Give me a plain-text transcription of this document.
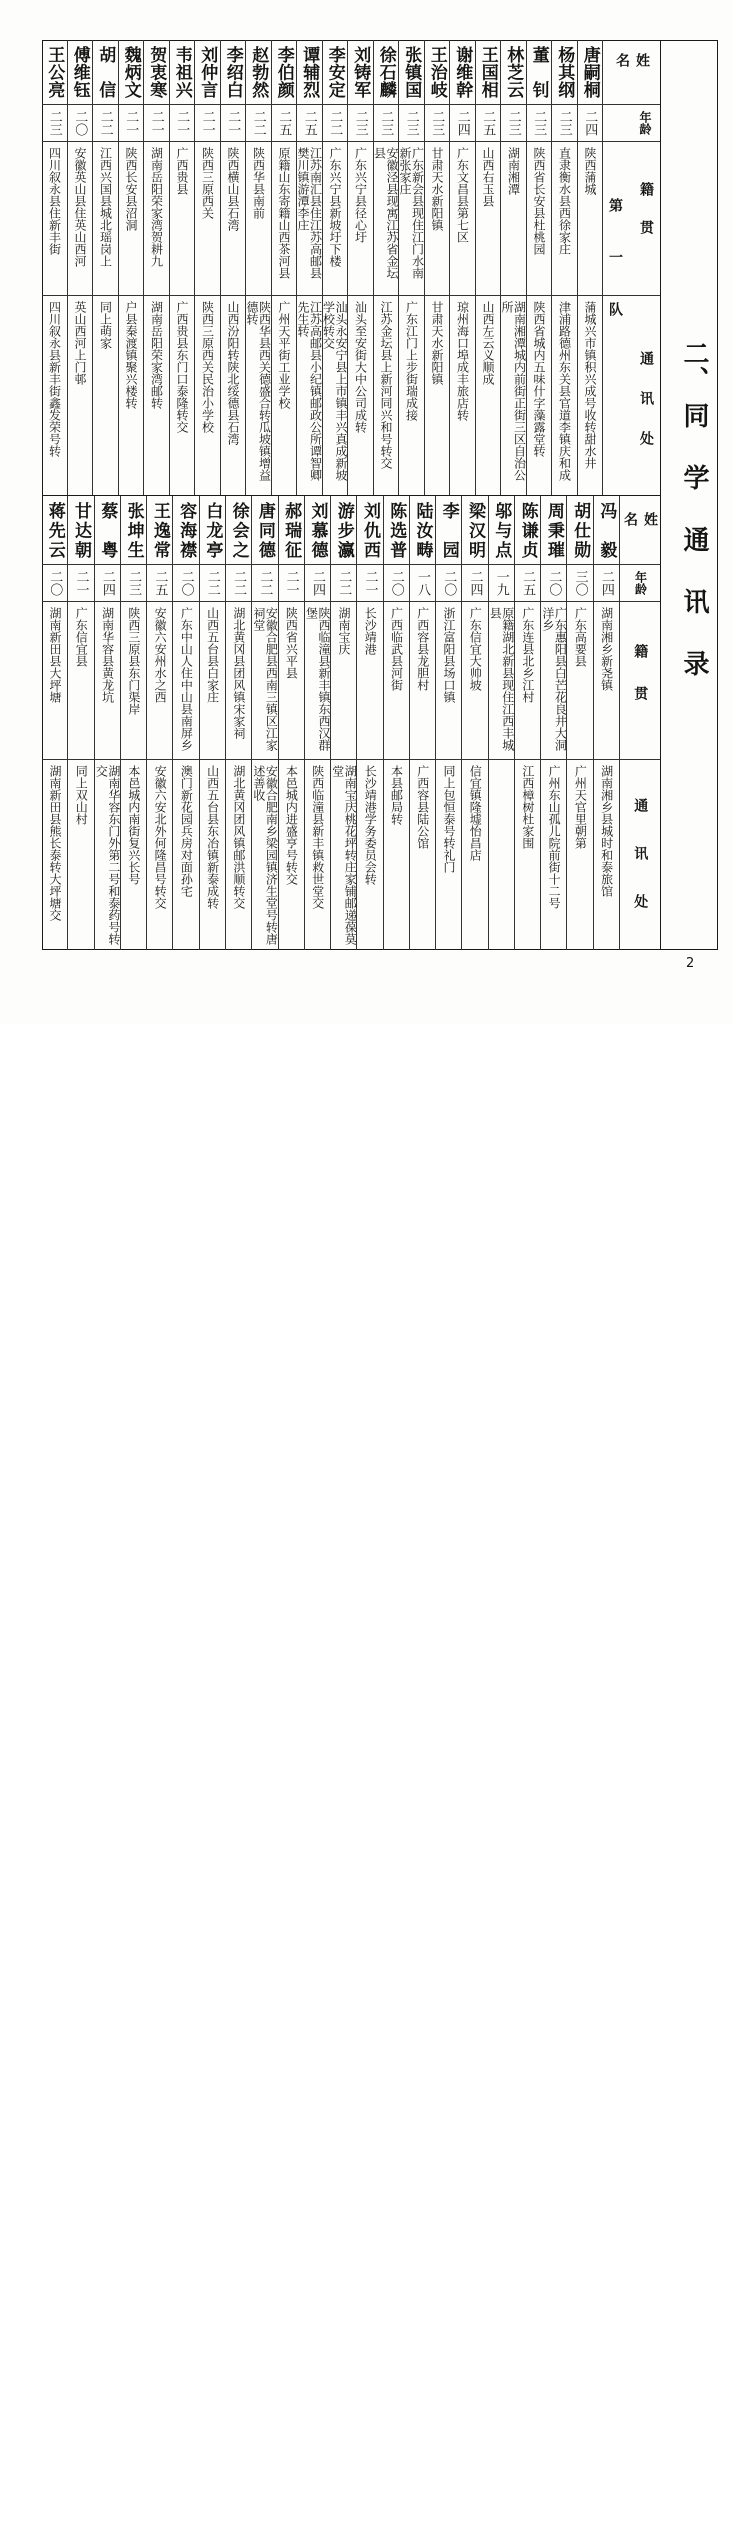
二、
同学通讯录
姓名
年龄
籍贯
通讯处
唐嗣桐
二四
陕西蒲城
蒲城兴市镇积兴成号收转甜水井
杨其纲
二三
直隶衡水县西徐家庄
津浦路德州东关县官道李镇庆和成
董钊
二三
陕西省长安县杜桃园
陕西省城内五味什字藻露堂转
林芝云
二三
湖南湘潭
湖南湘潭城内前街正街三区自治公所
王国相
二五
山西右玉县
山西左云义顺成
谢维幹
二四
广东文昌县第七区
琼州海口埠成丰旅店转
王治岐
二三
甘肃天水新阳镇
甘肃天水新阳镇
张镇国
二三
广东新会县现住江门水南新张家庄
广东江门上步街瑞成接
徐石麟
二三
安徽泾县现寓江苏省金坛县
江苏金坛县上新河同兴和号转交
刘铸军
二三
广东兴宁县径心圩
汕头至安街大中公司成转
李安定
二二
广东兴宁县新坡圩下楼
汕头永安宁县上市镇丰兴真成新坡学校转交
谭辅烈
二五
江苏南汇县住江苏高邮县樊川镇游潭李庄
江苏高邮县小纪镇邮政公所谭智卿先生转
李伯颜
二五
原籍山东寄籍山西茶河县
广州天平街工业学校
赵勃然
二二
陕西华县南前
陕西华县西关德盛合转瓜坡镇增益德转
李绍白
二一
陕西横山县石湾
山西汾阳转陕北绥德县石湾
刘仲言
二一
陕西三原西关
陕西三原西关民治小学校
韦祖兴
二一
广西贵县
广西贵县东门口泰隆转交
贺衷寒
二一
湖南岳阳荣家湾贺耕九
湖南岳阳荣家湾邮转
魏炳文
二一
陕西长安县沼洞
户县秦渡镇聚兴楼转
胡信
二二
江西兴国县城北瑶岗上
同上萌家
傅维钰
二〇
安徽英山县住英山西河
英山西河上门邨
王公亮
二三
四川叙永县住新丰街
四川叙永县新丰街鑫发荣号转
第一队
姓名
年龄
籍贯
通讯处
冯毅
二四
湖南湘乡新尧镇
湖南湘乡县城时和泰旅馆
胡仕勋
三〇
广东高要县
广州天官里朝第
周秉璀
二〇
广东惠阳县白芒花良井大洞洋乡
广州东山孤儿院前街十二号
陈谦贞
二五
广东连县北乡江村
江西樟树杜家围
邬与点
一九
原籍湖北新县现住江西丰城县
梁汉明
二四
广东信宜大帅坡
信宜镇隆墟怡昌店
李园
二〇
浙江富阳县场口镇
同上包恒泰号转礼门
陆汝畴
一八
广西容县龙胆村
广西容县陆公馆
陈选普
二〇
广西临武县河街
本县邮局转
刘仇西
二一
长沙靖港
长沙靖港学务委员会转
游步瀛
二二
湖南宝庆
湖南宝庆桃花坪转庄家铺邮递葆莫堂
刘慕德
二四
陕西临潼县新丰镇东西汉群堡
陕西临潼县新丰镇救世堂交
郝瑞征
二一
陕西省兴平县
本邑城内进盛亨号转交
唐同德
二二
安徽合肥县西南三镇区江家祠堂
安徽合肥南乡梁园镇济生堂号转唐述善收
徐会之
二二
湖北黄冈县团风镇宋家祠
湖北黄冈团风镇邮洪顺转交
白龙亭
二二
山西五台县白家庄
山西五台县东冶镇新泰成转
容海襟
二〇
广东中山人住中山县南屏乡
澳门新花园兵房对面孙宅
王逸常
二五
安徽六安州水之西
安徽六安北外何隆昌号转交
张坤生
二三
陕西三原县东门渠岸
本邑城内南街复兴长号
蔡粤
二四
湖南华容县黄龙坑
湖南华容东门外第二号和泰药号转交
甘达朝
二一
广东信宜县
同上双山村
蒋先云
二〇
湖南新田县大坪塘
湖南新田县熊长泰转大坪塘交
2
